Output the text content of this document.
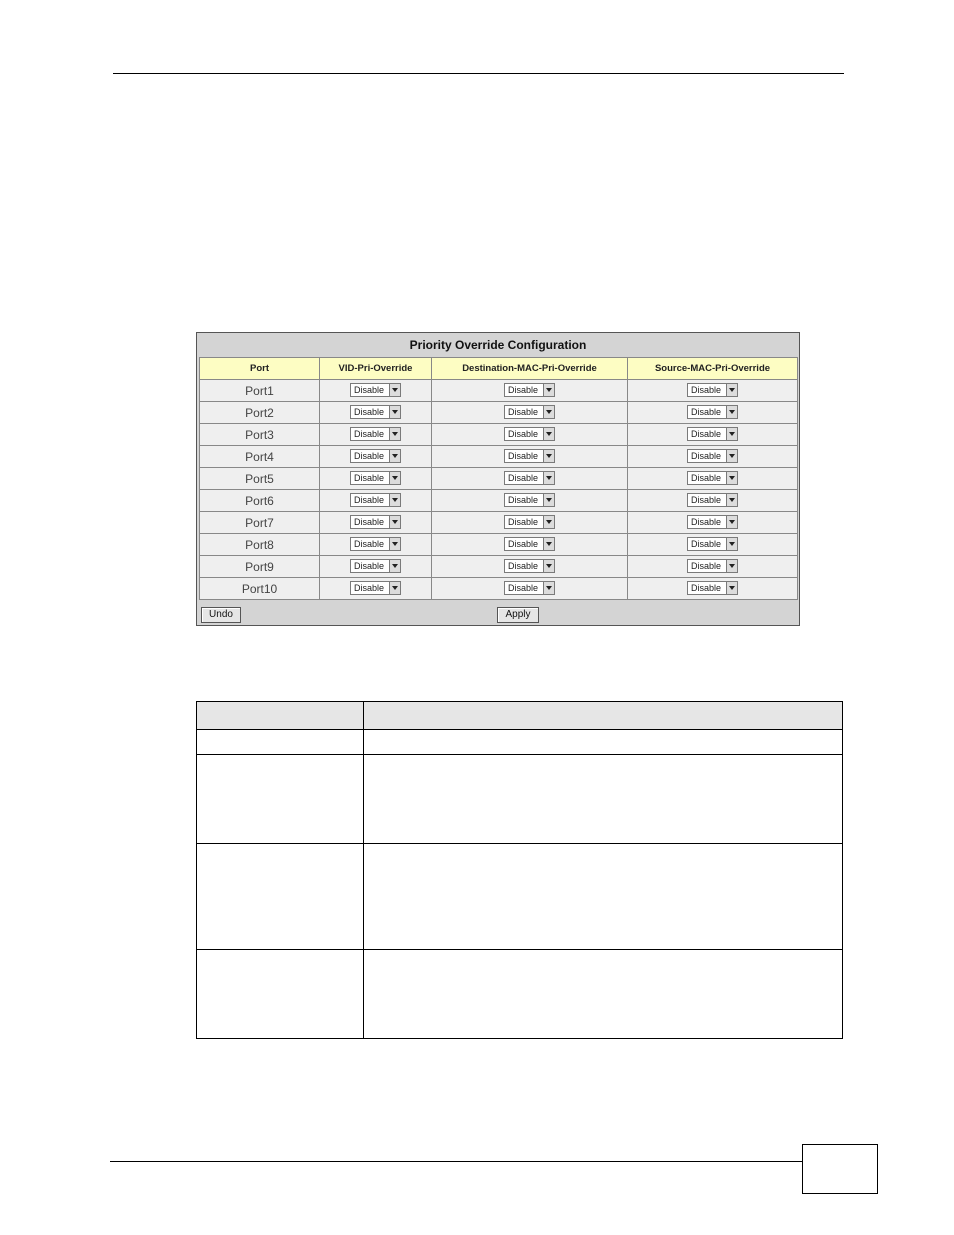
Priority Override Configuration
Port	VID-Pri-Override	Destination-MAC-Pri-Override	Source-MAC-Pri-Override
Port1	Disable	Disable	Disable

Port2	Disable	Disable	Disable

Port3	Disable	Disable	Disable

Port4	Disable	Disable	Disable

Port5	Disable	Disable	Disable

Port6	Disable	Disable	Disable

Port7	Disable	Disable	Disable

Port8	Disable	Disable	Disable

Port9	Disable	Disable	Disable

Port10	Disable	Disable	Disable
Undo	Apply
